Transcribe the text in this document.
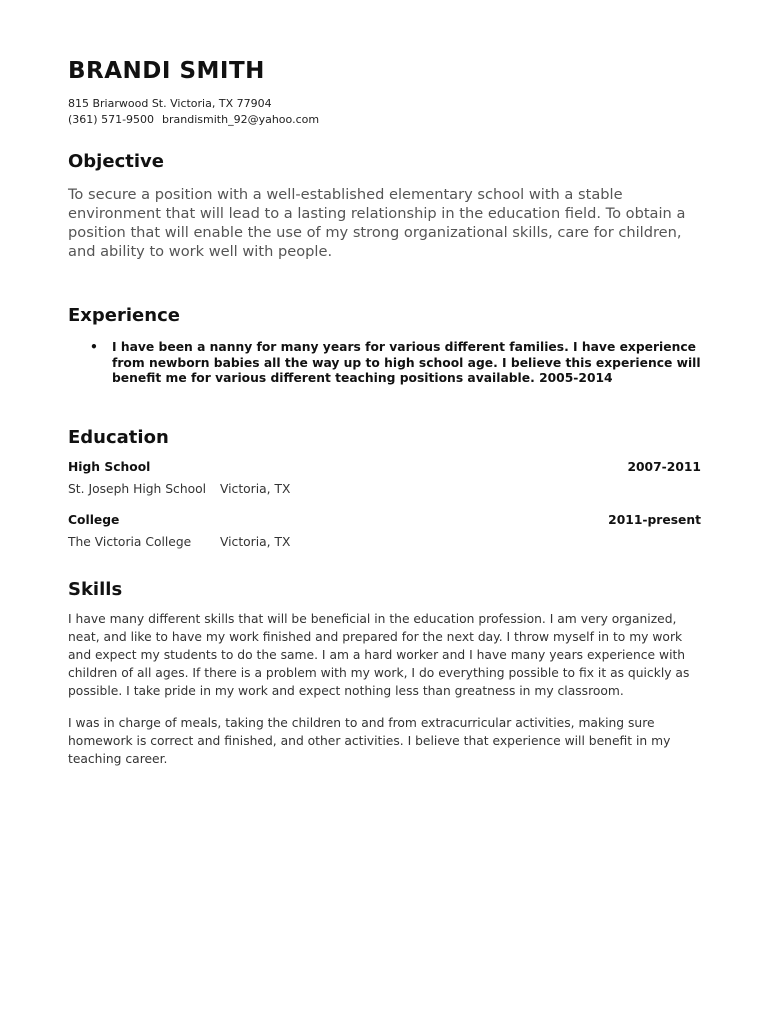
BRANDI SMITH
815 Briarwood St. Victoria, TX 77904
(361) 571-9500 brandismith_92@yahoo.com
Objective
To secure a position with a well-established elementary school with a stable environment that will lead to a lasting relationship in the education field. To obtain a position that will enable the use of my strong organizational skills, care for children, and ability to work well with people.
Experience
• I have been a nanny for many years for various different families. I have experience from newborn babies all the way up to high school age. I believe this experience will benefit me for various different teaching positions available. 2005-2014
Education
High School	2007-2011
St. Joseph High School Victoria, TX
College	2011-present
The Victoria College Victoria, TX
Skills

I have many different skills that will be beneficial in the education profession. I am very organized, neat, and like to have my work finished and prepared for the next day. I throw myself in to my work and expect my students to do the same. I am a hard worker and I have many years experience with children of all ages. If there is a problem with my work, I do everything possible to fix it as quickly as possible. I take pride in my work and expect nothing less than greatness in my classroom.

I was in charge of meals, taking the children to and from extracurricular activities, making sure homework is correct and finished, and other activities. I believe that experience will benefit in my teaching career.
